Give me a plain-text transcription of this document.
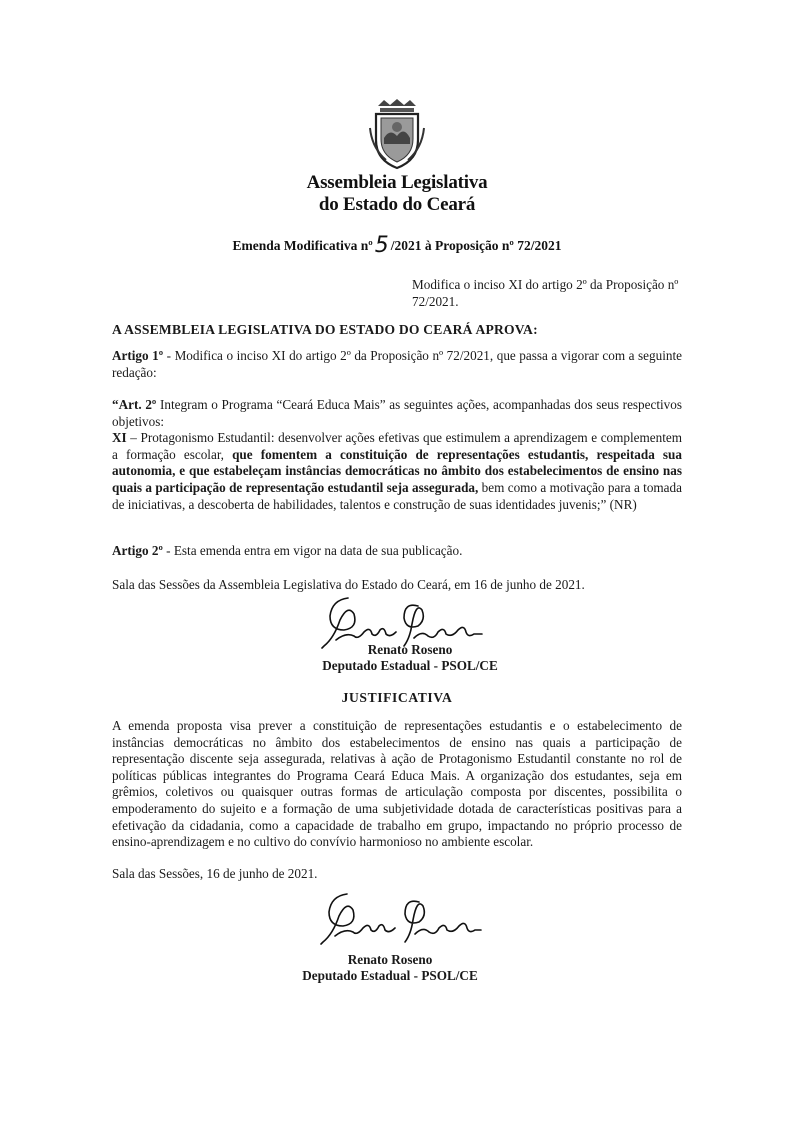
Assembleia Legislativa
do Estado do Ceará
Emenda Modificativa nº5 /2021 à Proposição nº 72/2021
Modifica o inciso XI do artigo 2º da Proposição nº 72/2021.
A ASSEMBLEIA LEGISLATIVA DO ESTADO DO CEARÁ APROVA:
Artigo 1º - Modifica o inciso XI do artigo 2º da Proposição nº 72/2021, que passa a vigorar com a seguinte redação:
“Art. 2º Integram o Programa “Ceará Educa Mais” as seguintes ações, acompanhadas dos seus respectivos objetivos:
XI – Protagonismo Estudantil: desenvolver ações efetivas que estimulem a aprendizagem e complementem a formação escolar, que fomentem a constituição de representações estudantis, respeitada sua autonomia, e que estabeleçam instâncias democráticas no âmbito dos estabelecimentos de ensino nas quais a participação de representação estudantil seja assegurada, bem como a motivação para a tomada de iniciativas, a descoberta de habilidades, talentos e construção de suas identidades juvenis;” (NR)
Artigo 2º - Esta emenda entra em vigor na data de sua publicação.
Sala das Sessões da Assembleia Legislativa do Estado do Ceará, em 16 de junho de 2021.
Renato Roseno
Deputado Estadual - PSOL/CE
JUSTIFICATIVA
A emenda proposta visa prever a constituição de representações estudantis e o estabelecimento de instâncias democráticas no âmbito dos estabelecimentos de ensino nas quais a participação de representação discente seja assegurada, relativas à ação de Protagonismo Estudantil constante no rol de políticas públicas integrantes do Programa Ceará Educa Mais. A organização dos estudantes, seja em grêmios, coletivos ou quaisquer outras formas de articulação composta por discentes, possibilita o empoderamento do sujeito e a formação de uma subjetividade dotada de características positivas para a efetivação da cidadania, como a capacidade de trabalho em grupo, impactando no próprio processo de ensino-aprendizagem e no cultivo do convívio harmonioso no ambiente escolar.
Sala das Sessões, 16 de junho de 2021.
Renato Roseno
Deputado Estadual - PSOL/CE
